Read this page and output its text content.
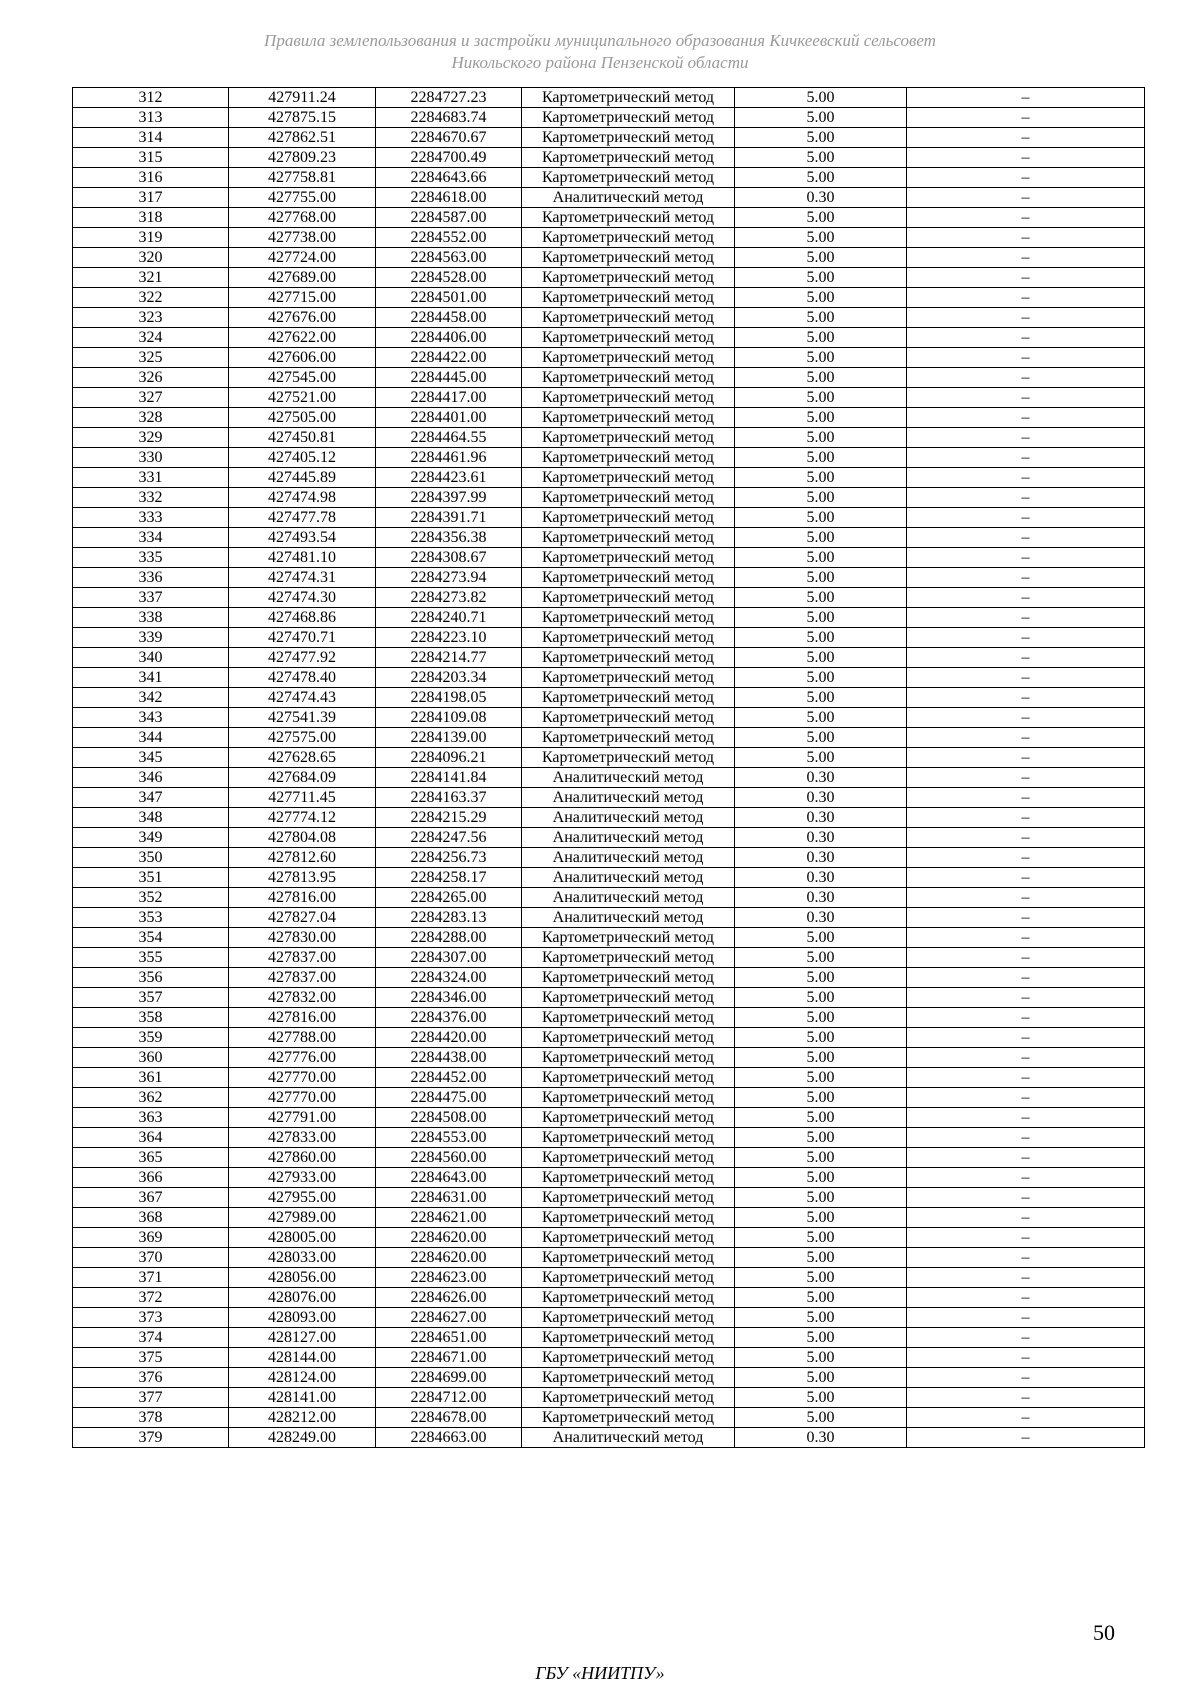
Правила землепользования и застройки муниципального образования Кичкеевский сельсовет
Никольского района Пензенской области
312	427911.24	2284727.23	Картометрический метод	5.00	–
313	427875.15	2284683.74	Картометрический метод	5.00	–
314	427862.51	2284670.67	Картометрический метод	5.00	–
315	427809.23	2284700.49	Картометрический метод	5.00	–
316	427758.81	2284643.66	Картометрический метод	5.00	–
317	427755.00	2284618.00	Аналитический метод	0.30	–
318	427768.00	2284587.00	Картометрический метод	5.00	–
319	427738.00	2284552.00	Картометрический метод	5.00	–
320	427724.00	2284563.00	Картометрический метод	5.00	–
321	427689.00	2284528.00	Картометрический метод	5.00	–
322	427715.00	2284501.00	Картометрический метод	5.00	–
323	427676.00	2284458.00	Картометрический метод	5.00	–
324	427622.00	2284406.00	Картометрический метод	5.00	–
325	427606.00	2284422.00	Картометрический метод	5.00	–
326	427545.00	2284445.00	Картометрический метод	5.00	–
327	427521.00	2284417.00	Картометрический метод	5.00	–
328	427505.00	2284401.00	Картометрический метод	5.00	–
329	427450.81	2284464.55	Картометрический метод	5.00	–
330	427405.12	2284461.96	Картометрический метод	5.00	–
331	427445.89	2284423.61	Картометрический метод	5.00	–
332	427474.98	2284397.99	Картометрический метод	5.00	–
333	427477.78	2284391.71	Картометрический метод	5.00	–
334	427493.54	2284356.38	Картометрический метод	5.00	–
335	427481.10	2284308.67	Картометрический метод	5.00	–
336	427474.31	2284273.94	Картометрический метод	5.00	–
337	427474.30	2284273.82	Картометрический метод	5.00	–
338	427468.86	2284240.71	Картометрический метод	5.00	–
339	427470.71	2284223.10	Картометрический метод	5.00	–
340	427477.92	2284214.77	Картометрический метод	5.00	–
341	427478.40	2284203.34	Картометрический метод	5.00	–
342	427474.43	2284198.05	Картометрический метод	5.00	–
343	427541.39	2284109.08	Картометрический метод	5.00	–
344	427575.00	2284139.00	Картометрический метод	5.00	–
345	427628.65	2284096.21	Картометрический метод	5.00	–
346	427684.09	2284141.84	Аналитический метод	0.30	–
347	427711.45	2284163.37	Аналитический метод	0.30	–
348	427774.12	2284215.29	Аналитический метод	0.30	–
349	427804.08	2284247.56	Аналитический метод	0.30	–
350	427812.60	2284256.73	Аналитический метод	0.30	–
351	427813.95	2284258.17	Аналитический метод	0.30	–
352	427816.00	2284265.00	Аналитический метод	0.30	–
353	427827.04	2284283.13	Аналитический метод	0.30	–
354	427830.00	2284288.00	Картометрический метод	5.00	–
355	427837.00	2284307.00	Картометрический метод	5.00	–
356	427837.00	2284324.00	Картометрический метод	5.00	–
357	427832.00	2284346.00	Картометрический метод	5.00	–
358	427816.00	2284376.00	Картометрический метод	5.00	–
359	427788.00	2284420.00	Картометрический метод	5.00	–
360	427776.00	2284438.00	Картометрический метод	5.00	–
361	427770.00	2284452.00	Картометрический метод	5.00	–
362	427770.00	2284475.00	Картометрический метод	5.00	–
363	427791.00	2284508.00	Картометрический метод	5.00	–
364	427833.00	2284553.00	Картометрический метод	5.00	–
365	427860.00	2284560.00	Картометрический метод	5.00	–
366	427933.00	2284643.00	Картометрический метод	5.00	–
367	427955.00	2284631.00	Картометрический метод	5.00	–
368	427989.00	2284621.00	Картометрический метод	5.00	–
369	428005.00	2284620.00	Картометрический метод	5.00	–
370	428033.00	2284620.00	Картометрический метод	5.00	–
371	428056.00	2284623.00	Картометрический метод	5.00	–
372	428076.00	2284626.00	Картометрический метод	5.00	–
373	428093.00	2284627.00	Картометрический метод	5.00	–
374	428127.00	2284651.00	Картометрический метод	5.00	–
375	428144.00	2284671.00	Картометрический метод	5.00	–
376	428124.00	2284699.00	Картометрический метод	5.00	–
377	428141.00	2284712.00	Картометрический метод	5.00	–
378	428212.00	2284678.00	Картометрический метод	5.00	–
379	428249.00	2284663.00	Аналитический метод	0.30	–
50
ГБУ «НИИТПУ»
